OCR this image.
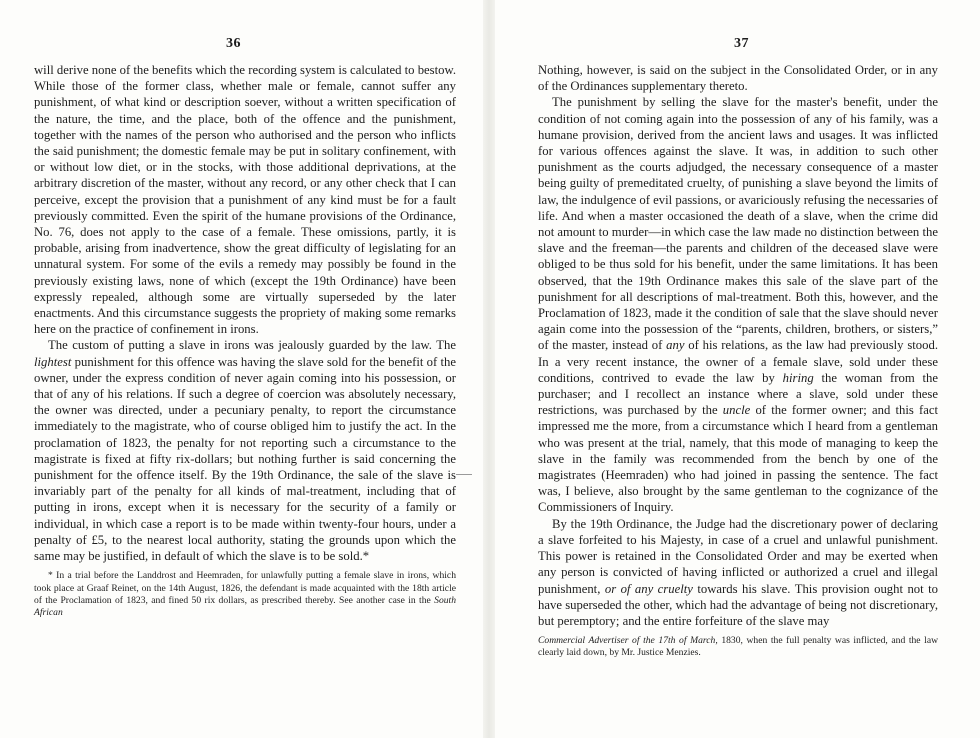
36

will derive none of the benefits which the recording system is calculated to bestow. While those of the former class, whether male or female, cannot suffer any punishment, of what kind or description soever, without a written specification of the nature, the time, and the place, both of the offence and the punishment, together with the names of the person who authorised and the person who inflicts the said punishment; the domestic female may be put in solitary confinement, with or without low diet, or in the stocks, with those additional deprivations, at the arbitrary discretion of the master, without any record, or any other check that I can perceive, except the provision that a punishment of any kind must be for a fault previously committed. Even the spirit of the humane provisions of the Ordinance, No. 76, does not apply to the case of a female. These omissions, partly, it is probable, arising from inadvertence, show the great difficulty of legislating for an unnatural system. For some of the evils a remedy may possibly be found in the previously existing laws, none of which (except the 19th Ordinance) have been expressly repealed, although some are virtually superseded by the later enactments. And this circumstance suggests the propriety of making some remarks here on the practice of confinement in irons.

The custom of putting a slave in irons was jealously guarded by the law. The lightest punishment for this offence was having the slave sold for the benefit of the owner, under the express condition of never again coming into his possession, or that of any of his relations. If such a degree of coercion was absolutely necessary, the owner was directed, under a pecuniary penalty, to report the circumstance immediately to the magistrate, who of course obliged him to justify the act. In the proclamation of 1823, the penalty for not reporting such a circumstance to the magistrate is fixed at fifty rix-dollars; but nothing further is said concerning the punishment for the offence itself. By the 19th Ordinance, the sale of the slave is invariably part of the penalty for all kinds of mal-treatment, including that of putting in irons, except when it is necessary for the security of a family or individual, in which case a report is to be made within twenty-four hours, under a penalty of £5, to the nearest local authority, stating the grounds upon which the same may be justified, in default of which the slave is to be sold.*

* In a trial before the Landdrost and Heemraden, for unlawfully putting a female slave in irons, which took place at Graaf Reinet, on the 14th August, 1826, the defendant is made acquainted with the 18th article of the Proclamation of 1823, and fined 50 rix dollars, as prescribed thereby. See another case in the South African

37

Nothing, however, is said on the subject in the Consolidated Order, or in any of the Ordinances supplementary thereto.

The punishment by selling the slave for the master's benefit, under the condition of not coming again into the possession of any of his family, was a humane provision, derived from the ancient laws and usages. It was inflicted for various offences against the slave. It was, in addition to such other punishment as the courts adjudged, the necessary consequence of a master being guilty of premeditated cruelty, of punishing a slave beyond the limits of law, the indulgence of evil passions, or avariciously refusing the necessaries of life. And when a master occasioned the death of a slave, when the crime did not amount to murder—in which case the law made no distinction between the slave and the freeman—the parents and children of the deceased slave were obliged to be thus sold for his benefit, under the same limitations. It has been observed, that the 19th Ordinance makes this sale of the slave part of the punishment for all descriptions of mal-treatment. Both this, however, and the Proclamation of 1823, made it the condition of sale that the slave should never again come into the possession of the “parents, children, brothers, or sisters,” of the master, instead of any of his relations, as the law had previously stood. In a very recent instance, the owner of a female slave, sold under these conditions, contrived to evade the law by hiring the woman from the purchaser; and I recollect an instance where a slave, sold under these restrictions, was purchased by the uncle of the former owner; and this fact impressed me the more, from a circumstance which I heard from a gentleman who was present at the trial, namely, that this mode of managing to keep the slave in the family was recommended from the bench by one of the magistrates (Heemraden) who had joined in passing the sentence. The fact was, I believe, also brought by the same gentleman to the cognizance of the Commissioners of Inquiry.

By the 19th Ordinance, the Judge had the discretionary power of declaring a slave forfeited to his Majesty, in case of a cruel and unlawful punishment. This power is retained in the Consolidated Order and may be exerted when any person is convicted of having inflicted or authorized a cruel and illegal punishment, or of any cruelty towards his slave. This provision ought not to have superseded the other, which had the advantage of being not discretionary, but peremptory; and the entire forfeiture of the slave may

Commercial Advertiser of the 17th of March, 1830, when the full penalty was inflicted, and the law clearly laid down, by Mr. Justice Menzies.
